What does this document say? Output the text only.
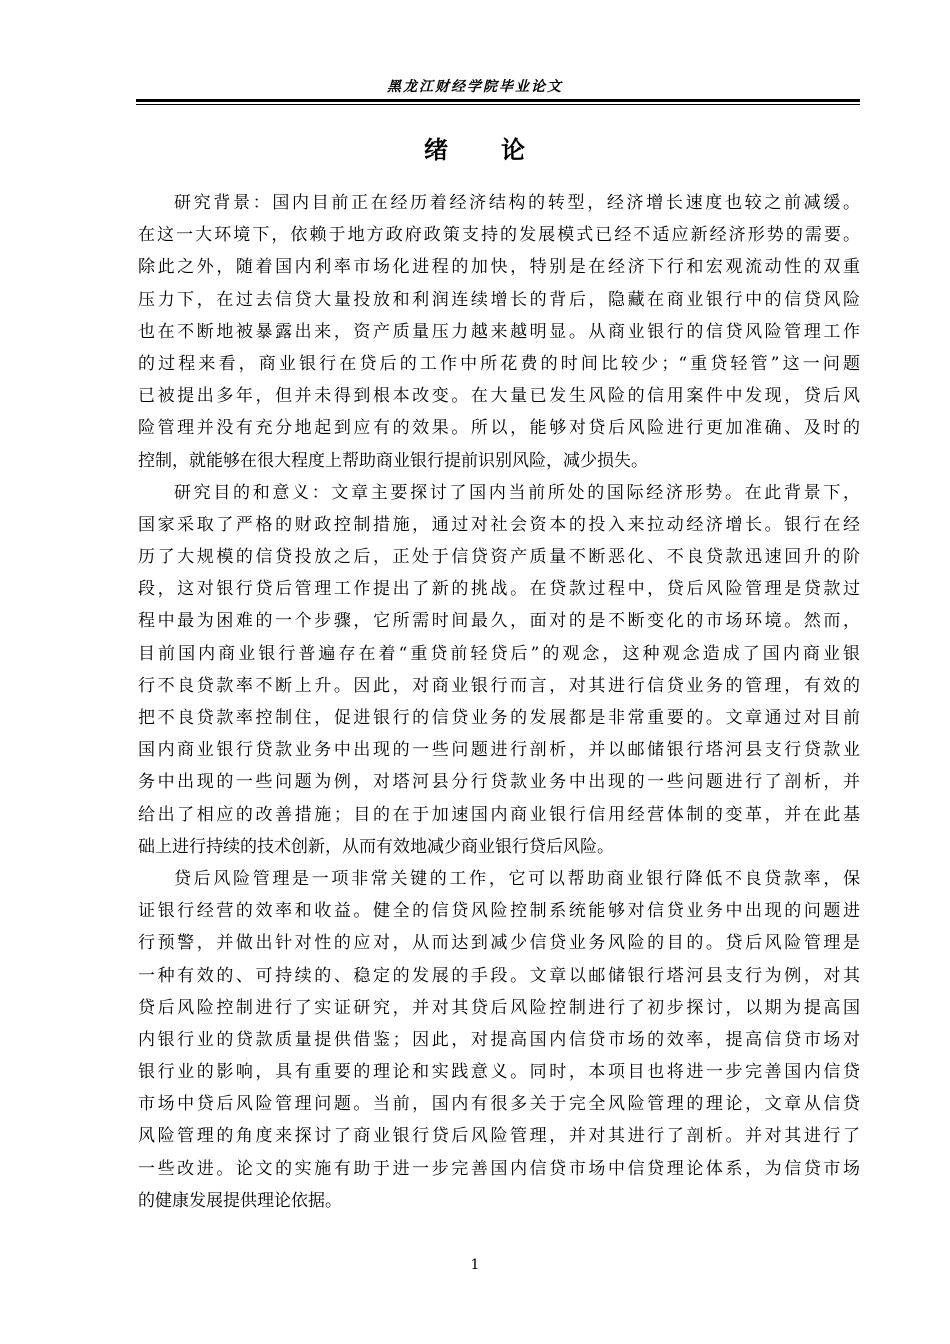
黑龙江财经学院毕业论文
绪 论
研究背景：国内目前正在经历着经济结构的转型，经济增长速度也较之前减缓。
在这一大环境下，依赖于地方政府政策支持的发展模式已经不适应新经济形势的需要。
除此之外，随着国内利率市场化进程的加快，特别是在经济下行和宏观流动性的双重
压力下，在过去信贷大量投放和利润连续增长的背后，隐藏在商业银行中的信贷风险
也在不断地被暴露出来，资产质量压力越来越明显。从商业银行的信贷风险管理工作
的过程来看，商业银行在贷后的工作中所花费的时间比较少；“重贷轻管”这一问题
已被提出多年，但并未得到根本改变。在大量已发生风险的信用案件中发现，贷后风
险管理并没有充分地起到应有的效果。所以，能够对贷后风险进行更加准确、及时的
控制，就能够在很大程度上帮助商业银行提前识别风险，减少损失。
研究目的和意义：文章主要探讨了国内当前所处的国际经济形势。在此背景下，
国家采取了严格的财政控制措施，通过对社会资本的投入来拉动经济增长。银行在经
历了大规模的信贷投放之后，正处于信贷资产质量不断恶化、不良贷款迅速回升的阶
段，这对银行贷后管理工作提出了新的挑战。在贷款过程中，贷后风险管理是贷款过
程中最为困难的一个步骤，它所需时间最久，面对的是不断变化的市场环境。然而，
目前国内商业银行普遍存在着“重贷前轻贷后”的观念，这种观念造成了国内商业银
行不良贷款率不断上升。因此，对商业银行而言，对其进行信贷业务的管理，有效的
把不良贷款率控制住，促进银行的信贷业务的发展都是非常重要的。文章通过对目前
国内商业银行贷款业务中出现的一些问题进行剖析，并以邮储银行塔河县支行贷款业
务中出现的一些问题为例，对塔河县分行贷款业务中出现的一些问题进行了剖析，并
给出了相应的改善措施；目的在于加速国内商业银行信用经营体制的变革，并在此基
础上进行持续的技术创新，从而有效地减少商业银行贷后风险。
贷后风险管理是一项非常关键的工作，它可以帮助商业银行降低不良贷款率，保
证银行经营的效率和收益。健全的信贷风险控制系统能够对信贷业务中出现的问题进
行预警，并做出针对性的应对，从而达到减少信贷业务风险的目的。贷后风险管理是
一种有效的、可持续的、稳定的发展的手段。文章以邮储银行塔河县支行为例，对其
贷后风险控制进行了实证研究，并对其贷后风险控制进行了初步探讨，以期为提高国
内银行业的贷款质量提供借鉴；因此，对提高国内信贷市场的效率，提高信贷市场对
银行业的影响，具有重要的理论和实践意义。同时，本项目也将进一步完善国内信贷
市场中贷后风险管理问题。当前，国内有很多关于完全风险管理的理论，文章从信贷
风险管理的角度来探讨了商业银行贷后风险管理，并对其进行了剖析。并对其进行了
一些改进。论文的实施有助于进一步完善国内信贷市场中信贷理论体系，为信贷市场
的健康发展提供理论依据。
1
